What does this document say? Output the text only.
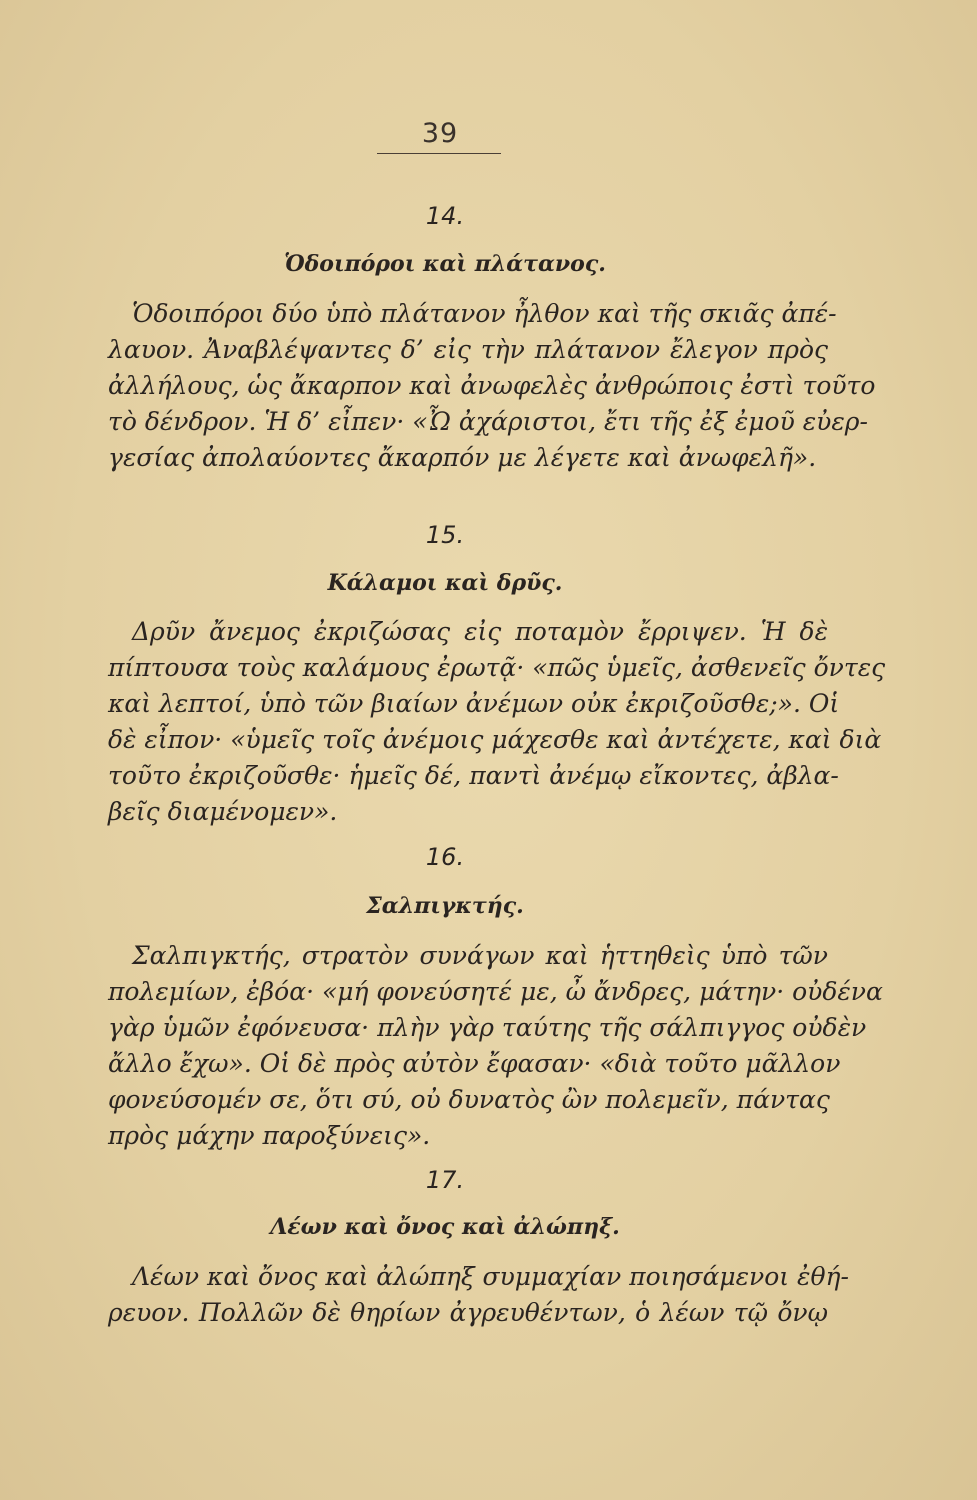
39
14.
Ὁδοιπόροι καὶ πλάτανος.
Ὁδοιπόροι δύο ὑπὸ πλάτανον ἦλθον καὶ τῆς σκιᾶς ἀπέ-
λαυον. Ἀναβλέψαντες δ’ εἰς τὴν πλάτανον ἔλεγον πρὸς
ἀλλήλους, ὡς ἄκαρπον καὶ ἀνωφελὲς ἀνθρώποις ἐστὶ τοῦτο
τὸ δένδρον. Ἡ δ’ εἶπεν· «Ὦ ἀχάριστοι, ἔτι τῆς ἐξ ἐμοῦ εὐερ-
γεσίας ἀπολαύοντες ἄκαρπόν με λέγετε καὶ ἀνωφελῆ».
15.
Κάλαμοι καὶ δρῦς.
Δρῦν ἄνεμος ἐκριζώσας εἰς ποταμὸν ἔρριψεν. Ἡ δὲ
πίπτουσα τοὺς καλάμους ἐρωτᾷ· «πῶς ὑμεῖς, ἀσθενεῖς ὄντες
καὶ λεπτοί, ὑπὸ τῶν βιαίων ἀνέμων οὐκ ἐκριζοῦσθε;». Οἱ
δὲ εἶπον· «ὑμεῖς τοῖς ἀνέμοις μάχεσθε καὶ ἀντέχετε, καὶ διὰ
τοῦτο ἐκριζοῦσθε· ἡμεῖς δέ, παντὶ ἀνέμῳ εἴκοντες, ἀβλα-
βεῖς διαμένομεν».
16.
Σαλπιγκτής.
Σαλπιγκτής, στρατὸν συνάγων καὶ ἡττηθεὶς ὑπὸ τῶν
πολεμίων, ἐβόα· «μή φονεύσητέ με, ὦ ἄνδρες, μάτην· οὐδένα
γὰρ ὑμῶν ἐφόνευσα· πλὴν γὰρ ταύτης τῆς σάλπιγγος οὐδὲν
ἄλλο ἔχω». Οἱ δὲ πρὸς αὐτὸν ἔφασαν· «διὰ τοῦτο μᾶλλον
φονεύσομέν σε, ὅτι σύ, οὐ δυνατὸς ὢν πολεμεῖν, πάντας
πρὸς μάχην παροξύνεις».
17.
Λέων καὶ ὄνος καὶ ἀλώπηξ.
Λέων καὶ ὄνος καὶ ἀλώπηξ συμμαχίαν ποιησάμενοι ἐθή-
ρευον. Πολλῶν δὲ θηρίων ἀγρευθέντων, ὁ λέων τῷ ὄνῳ
